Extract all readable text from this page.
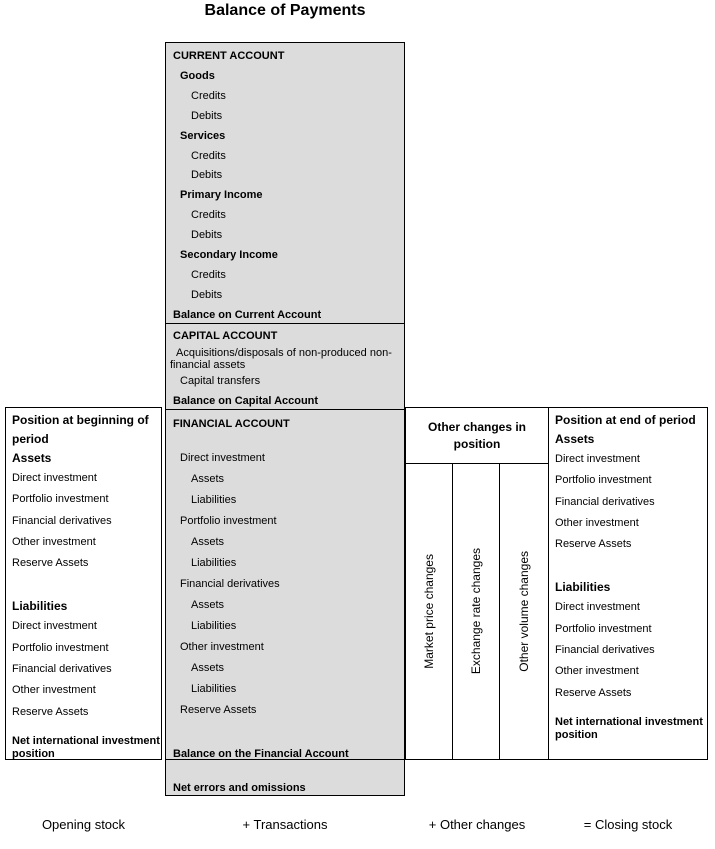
Balance of Payments
CURRENT ACCOUNT
Goods
Credits
Debits
Services
Credits
Debits
Primary Income
Credits
Debits
Secondary Income
Credits
Debits
Balance on Current Account
CAPITAL ACCOUNT

Acquisitions/disposals of non-produced non-financial assets

Capital transfers
Balance on Capital Account
FINANCIAL ACCOUNT
Direct investment
Assets
Liabilities
Portfolio investment
Assets
Liabilities
Financial derivatives
Assets
Liabilities
Other investment
Assets
Liabilities
Reserve Assets
Balance on the Financial Account
Net errors and omissions
Position at beginning of period
Assets
Direct investment
Portfolio investment
Financial derivatives
Other investment
Reserve Assets
Liabilities
Direct investment
Portfolio investment
Financial derivatives
Other investment
Reserve Assets
Net international investment position
Other changes in position
Market price changes	Exchange rate changes	Other volume changes
Position at end of period
Assets
Direct investment
Portfolio investment
Financial derivatives
Other investment
Reserve Assets
Liabilities
Direct investment
Portfolio investment
Financial derivatives
Other investment
Reserve Assets
Net international investment position
Opening stock	+ Transactions	+ Other changes	= Closing stock
